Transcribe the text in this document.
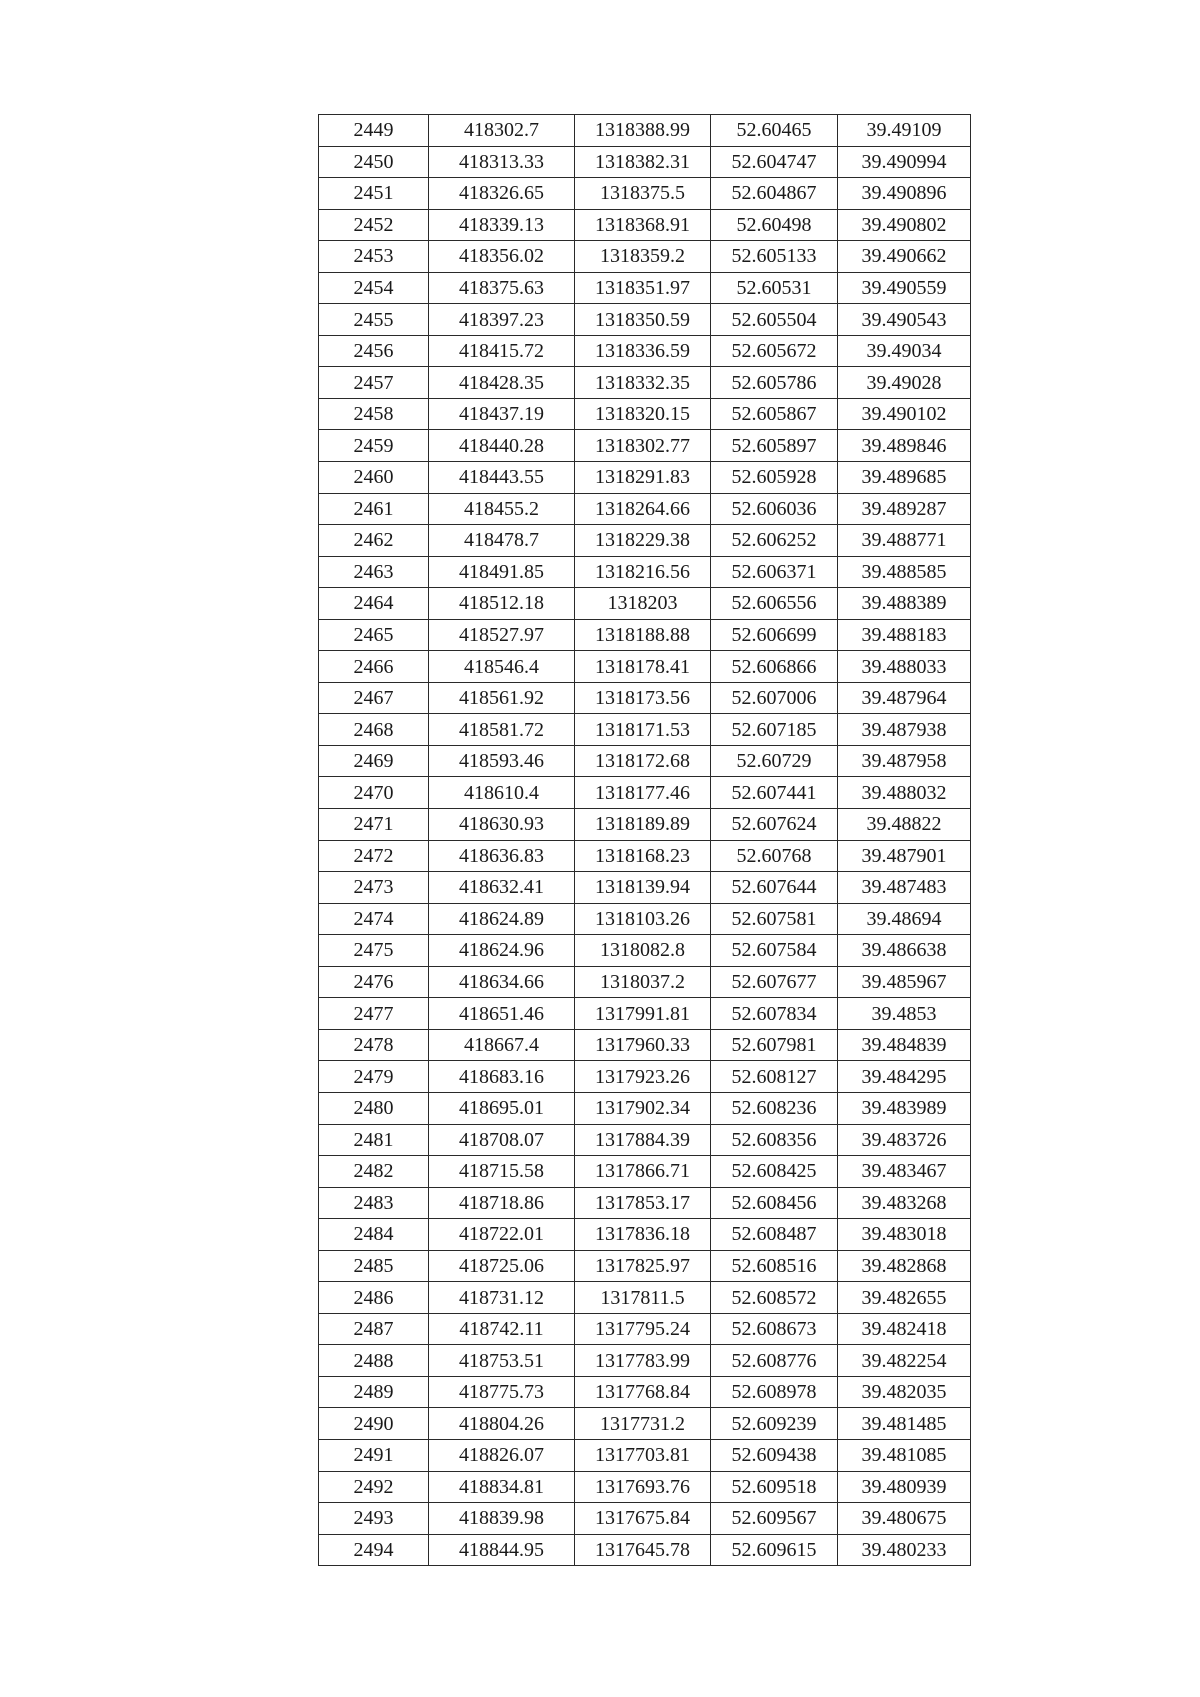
2449	418302.7	1318388.99	52.60465	39.49109
2450	418313.33	1318382.31	52.604747	39.490994
2451	418326.65	1318375.5	52.604867	39.490896
2452	418339.13	1318368.91	52.60498	39.490802
2453	418356.02	1318359.2	52.605133	39.490662
2454	418375.63	1318351.97	52.60531	39.490559
2455	418397.23	1318350.59	52.605504	39.490543
2456	418415.72	1318336.59	52.605672	39.49034
2457	418428.35	1318332.35	52.605786	39.49028
2458	418437.19	1318320.15	52.605867	39.490102
2459	418440.28	1318302.77	52.605897	39.489846
2460	418443.55	1318291.83	52.605928	39.489685
2461	418455.2	1318264.66	52.606036	39.489287
2462	418478.7	1318229.38	52.606252	39.488771
2463	418491.85	1318216.56	52.606371	39.488585
2464	418512.18	1318203	52.606556	39.488389
2465	418527.97	1318188.88	52.606699	39.488183
2466	418546.4	1318178.41	52.606866	39.488033
2467	418561.92	1318173.56	52.607006	39.487964
2468	418581.72	1318171.53	52.607185	39.487938
2469	418593.46	1318172.68	52.60729	39.487958
2470	418610.4	1318177.46	52.607441	39.488032
2471	418630.93	1318189.89	52.607624	39.48822
2472	418636.83	1318168.23	52.60768	39.487901
2473	418632.41	1318139.94	52.607644	39.487483
2474	418624.89	1318103.26	52.607581	39.48694
2475	418624.96	1318082.8	52.607584	39.486638
2476	418634.66	1318037.2	52.607677	39.485967
2477	418651.46	1317991.81	52.607834	39.4853
2478	418667.4	1317960.33	52.607981	39.484839
2479	418683.16	1317923.26	52.608127	39.484295
2480	418695.01	1317902.34	52.608236	39.483989
2481	418708.07	1317884.39	52.608356	39.483726
2482	418715.58	1317866.71	52.608425	39.483467
2483	418718.86	1317853.17	52.608456	39.483268
2484	418722.01	1317836.18	52.608487	39.483018
2485	418725.06	1317825.97	52.608516	39.482868
2486	418731.12	1317811.5	52.608572	39.482655
2487	418742.11	1317795.24	52.608673	39.482418
2488	418753.51	1317783.99	52.608776	39.482254
2489	418775.73	1317768.84	52.608978	39.482035
2490	418804.26	1317731.2	52.609239	39.481485
2491	418826.07	1317703.81	52.609438	39.481085
2492	418834.81	1317693.76	52.609518	39.480939
2493	418839.98	1317675.84	52.609567	39.480675
2494	418844.95	1317645.78	52.609615	39.480233
